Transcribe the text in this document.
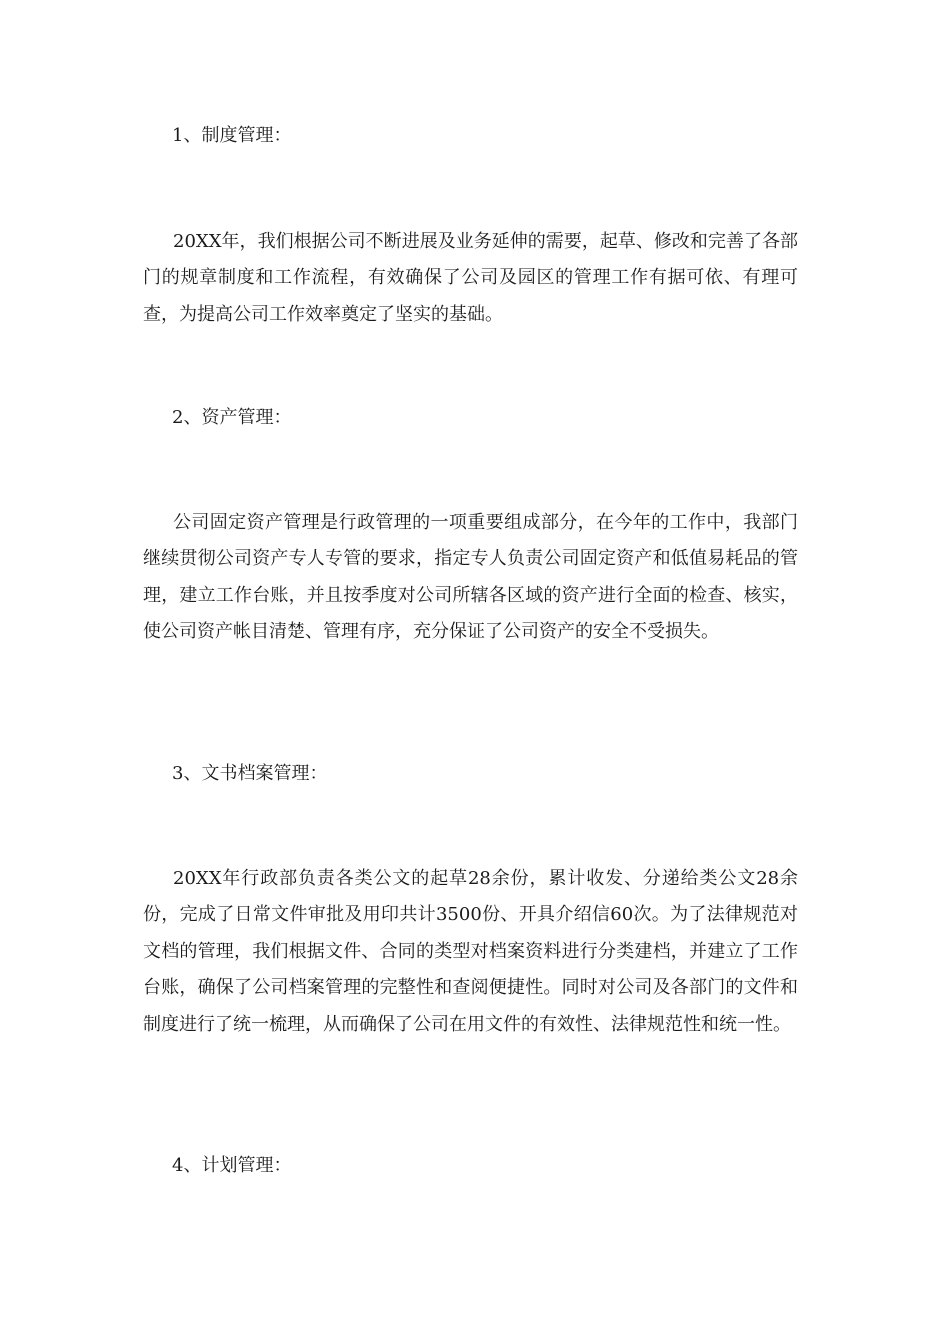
1、制度管理：

20XX年，我们根据公司不断进展及业务延伸的需要，起草、修改和完善了各部门的规章制度和工作流程，有效确保了公司及园区的管理工作有据可依、有理可查，为提高公司工作效率奠定了坚实的基础。

2、资产管理：

公司固定资产管理是行政管理的一项重要组成部分，在今年的工作中，我部门继续贯彻公司资产专人专管的要求，指定专人负责公司固定资产和低值易耗品的管理，建立工作台账，并且按季度对公司所辖各区域的资产进行全面的检查、核实，使公司资产帐目清楚、管理有序，充分保证了公司资产的安全不受损失。

3、文书档案管理：

20XX年行政部负责各类公文的起草28余份，累计收发、分递给类公文28余份，完成了日常文件审批及用印共计3500份、开具介绍信60次。为了法律规范对文档的管理，我们根据文件、合同的类型对档案资料进行分类建档，并建立了工作台账，确保了公司档案管理的完整性和查阅便捷性。同时对公司及各部门的文件和制度进行了统一梳理，从而确保了公司在用文件的有效性、法律规范性和统一性。

4、计划管理：
